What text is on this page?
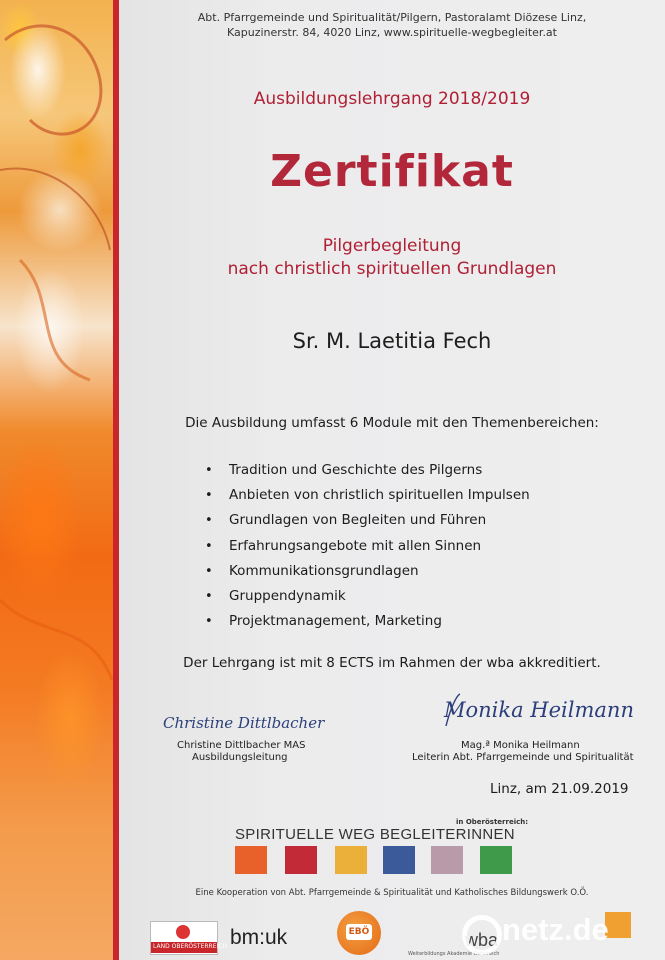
Abt. Pfarrgemeinde und Spiritualität/Pilgern, Pastoralamt Diözese Linz,
Kapuzinerstr. 84, 4020 Linz, www.spirituelle-wegbegleiter.at
Ausbildungslehrgang 2018/2019
Zertifikat
Pilgerbegleitung
nach christlich spirituellen Grundlagen
Sr. M. Laetitia Fech
Die Ausbildung umfasst 6 Module mit den Themenbereichen:
• Tradition und Geschichte des Pilgerns
• Anbieten von christlich spirituellen Impulsen
• Grundlagen von Begleiten und Führen
• Erfahrungsangebote mit allen Sinnen
• Kommunikationsgrundlagen
• Gruppendynamik
• Projektmanagement, Marketing
Der Lehrgang ist mit 8 ECTS im Rahmen der wba akkreditiert.
Christine Dittlbacher
Christine Dittlbacher MAS
Ausbildungsleitung
Monika Heilmann
Mag.ª Monika Heilmann
Leiterin Abt. Pfarrgemeinde und Spiritualität
Linz, am 21.09.2019
in Oberösterreich:
SPIRITUELLE WEG BEGLEITERINNEN
Eine Kooperation von Abt. Pfarrgemeinde & Spiritualität und Katholisches Bildungswerk O.Ö.
LAND OBERÖSTERREICH bm:uk	EBÖ	wba
Weiterbildungs Akademie Österreich
netz.de
